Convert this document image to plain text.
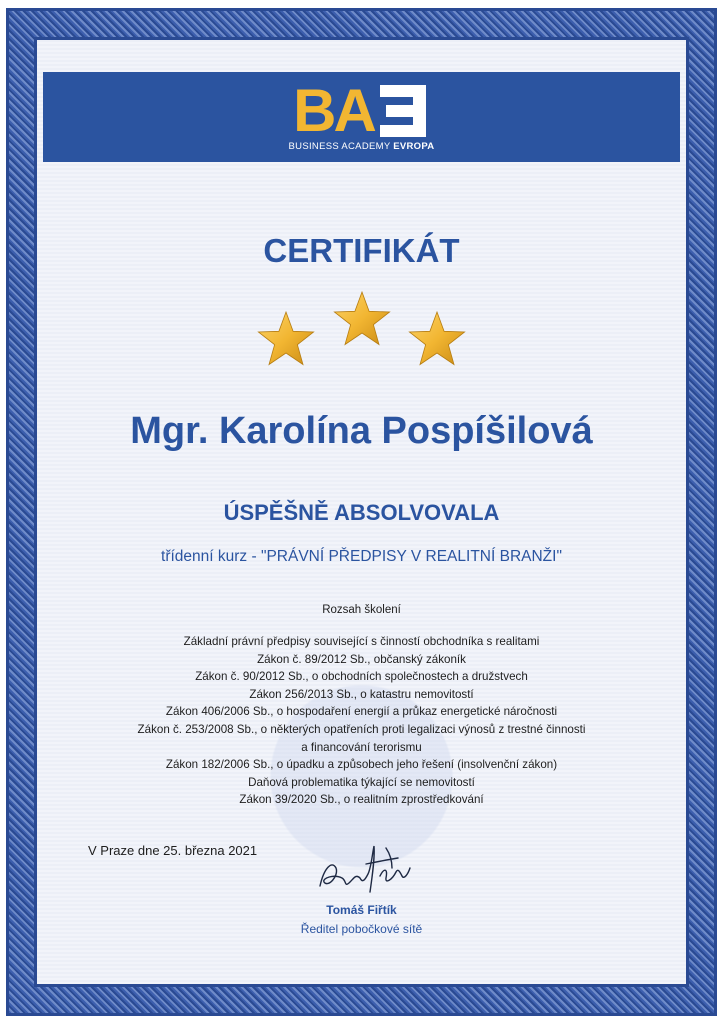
B A
BUSINESS ACADEMY EVROPA
CERTIFIKÁT
Mgr. Karolína Pospíšilová
ÚSPĚŠNĚ ABSOLVOVALA
třídenní kurz - "PRÁVNÍ PŘEDPISY V REALITNÍ BRANŽI"
Rozsah školení
Základní právní předpisy související s činností obchodníka s realitami
Zákon č. 89/2012 Sb., občanský zákoník
Zákon č. 90/2012 Sb., o obchodních společnostech a družstvech
Zákon 256/2013 Sb., o katastru nemovitostí
Zákon 406/2006 Sb., o hospodaření energií a průkaz energetické náročnosti
Zákon č. 253/2008 Sb., o některých opatřeních proti legalizaci výnosů z trestné činnosti
a financování terorismu
Zákon 182/2006 Sb., o úpadku a způsobech jeho řešení (insolvenční zákon)
Daňová problematika týkající se nemovitostí
Zákon 39/2020 Sb., o realitním zprostředkování
V Praze dne 25. března 2021
Tomáš Fiřtík
Ředitel pobočkové sítě
